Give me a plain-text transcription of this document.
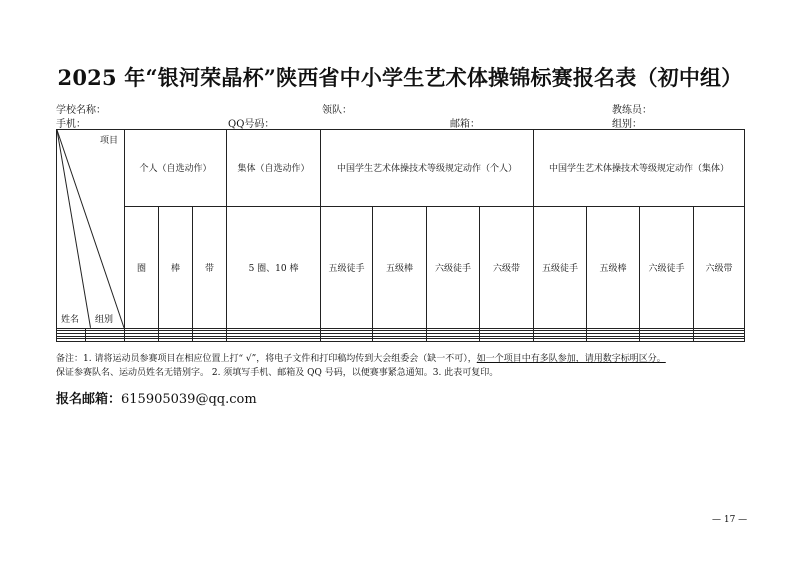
2025 年“银河荣晶杯”陕西省中小学生艺术体操锦标赛报名表（初中组）
学校名称：	领队：	教练员：
手机：	QQ号码：	邮箱：	组别：
项目
姓名 组别		个人（自选动作）			集体（自选动作）	中国学生艺术体操技术等级规定动作（个人）				中国学生艺术体操技术等级规定动作（集体）			
		圈	棒	带	5 圈、10 棒	五级徒手	五级棒	六级徒手	六级带	五级徒手	五级棒	六级徒手	六级带

备注：1. 请将运动员参赛项目在相应位置上打“ √”，将电子文件和打印稿均传到大会组委会（缺一不可），如一个项目中有多队参加，请用数字标明区分。
保证参赛队名、运动员姓名无错别字。 2. 须填写手机、邮箱及 QQ 号码，以便赛事紧急通知。3. 此表可复印。
报名邮箱：615905039@qq.com
— 17 —
